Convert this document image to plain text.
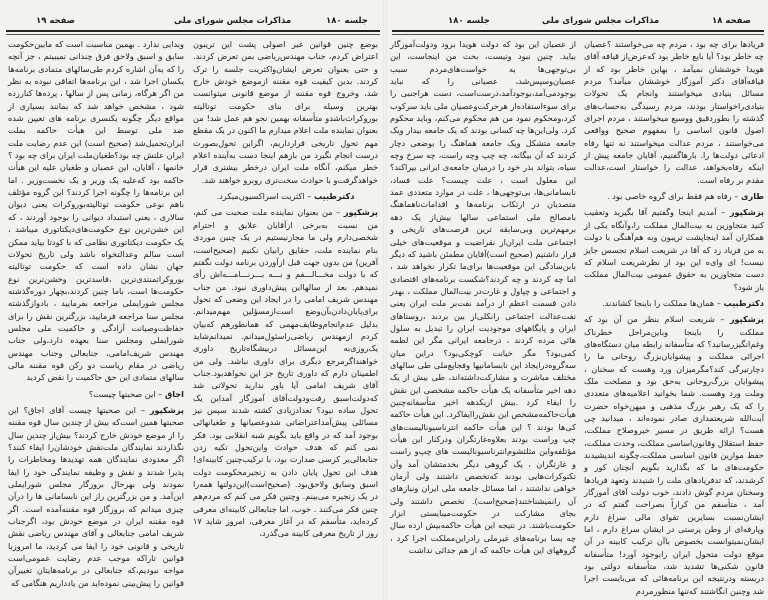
صفحه ۱۹	مذاکرات مجلس شورای ملی	جلسه ۱۸۰

وبدایی ندارد . بهمین مناسبت است که مابین‌حکومت سابق و اسبق ولاحق فرق چندانی نمیبینم ، جز آنچه را که به‌آن اشاره کردم طی‌سالهای متمادی برنامه‌ها یکسان اجرا شد ، این برنامه‌ها اتفاقی نبوده به نظر من اگر هرگاه، زمانی پس از سالها ، پرده‌ها کنارزده شود ، مشخص خواهد شد که بمانند بسیاری از مواقع دیگر چگونه یکنسری برنامه های تعیین شده ضد ملی توسط این هیأت حاکمه بملت ایران‌تحمیل‌شد (صحیح است) این عدم رضایت ملت ایران علتش چه بود؟طغیان‌ملت ایران برای چه بود ؟ خانمها ، آقایان، این عصیان و طغیان علیه این هیأت حاکمه بود که‌علیه یک وزیر و یک نخست‌وزیر . اما این برنامه‌ها را چگونه اجرا کردند؟ این گروه مؤتلف باهم نوعی حکومت توتالیته‌بوروکرات یعنی دیوان سالاری ، یعنی استبداد دیوانی را بوجود آوردند ، که این خشن‌ترین نوع حکومت‌های‌دیکتاتوری میباشد ، یک حکومت دیکتاتوری نظامی که با کودتا بیاید ممکن است سالم وعدالتخواه باشد ولی تاریخ تحولات جهان نشان داده است که حکومت توتالیته بوروکراتمنتدی‌ترین ،فاسدترین وخشن‌ترین نوع حکومت‌ها است، باما چنین کردند،بچهار دوره‌گذشته مجلس شورایملی مراجعه بفرمایید ، بادوازگذشته مجلس سنا مراجعه فرمایید، بزرگترین نقش را برای حفاظت‌وصیانت آزادگی و حاکمیت ملی مجلس شورایملی ومجلس سنا بعهده دارد،ولی جناب مهندس شریف‌امامی، جنابعالی وجناب مهندس ریاضی در مقام ریاست دو رکن قوه مقننه مالی سالهای متمادی این حق حاکمیت را نقض کردید

اجاق – این صحبتها چیست؟

پزشکپور – این صحبتها چیست آقای اجاق؟ این صحبتها همین است‌که بیش از چندین سال قوه مقننه را از موضع خودش خارج کردند؟ بیش‌از چندین سال نگذاردند نمایندگان ملت‌نقش خودشان‌را ایفاء کنند؟ اگر معدودی نمایندگان همه تهدیدها ومخاطرات را پذیرا شدند و نقش و وظیفه نمایندگی خود را ایفا نمودند ولی بهرحال بروزگار مجلس شورایملی این‌آمد. و من بزرگترین راز این نابسامانی ها را درآن چیزی میدانم که بروزگار قوه مقننه‌آمده است. اگر قوه مقننه ایران در موضع خودش بود، اگرجناب شریف امامی جنابعالی و آقای مهندس ریاضی نقش تاریخی و قانونی خود را ایفا می کردید، ما امروزبا قوانین تاراکه موجب عدم رضایت عمومی‌است مواجه نبودیم،که جنابعالی در برنامه‌هایتان تغییرآن قوانین را پیش‌بینی نموده‌اید من یادداریم هنگامی که

بوضع چنین قوانین غیر اصولی پشت این تریبون اعتراض کردم، جناب مهندس‌ریاضی بمن تعرض کردند. و حتی بعنوان تعرض ایشان‌واکثریت جلسه را ترک کردند. بدین کیفیت قوه مقننه ازموضع خودش خارج شد، وخروج قوه مقننه از موضع قانونی میتوانست بهترین وسیله برای بنای حکومت توتالیته بوروکرات‌باشدو متأسفانه بهمین نحو هم عمل شد! من بعنوان نماینده ملت اعلام میدارم ما اکنون در یک مقطع مهم تحول تاریخی قرارداریم، اگراین تحول‌بصورت درست انجام نگیرد من بازهم اینجا دست به‌آینده اعلام خطر میکنم، آنگاه ملت ایران درخطر بیشتری قرار خواهدگرفت‌و با حوادث سخت‌تری روبرو خواهند شد.

دکترطبیب – اکثریت اسراکسیون‌میکرد.

پزشکپور – من بعنوان نماینده ملت صحبت می کنم، من نسبت به‌برخی ازآقایان علایق و احترام شخصی‌دارم ولی ما مجازنیستیم در یک چنین موردی بنام نماینده ملت، حقایق رابیان نکنیم (صحیح‌است، آفرین) من بدون جهت قبل ازآوردن برنامه دولت نگفتم که با دولت مخـــالـــفم و بـــه بـــرنـــامـــه‌اش رأی نمیدهم. بعد از سالهااین پیش‌داوری نبود. من جناب مهندس شریف امامی را در ایجاد این وضعی که تحول برای‌پایان‌دادن‌بآن‌وضع است‌ازمسؤلین مهم‌میدانم. بدلیل عدم‌انجام‌وظایف‌مهمی که همانطورهم که‌بیان کردم ازمهندس ریاضی‌راسئول‌میدانم. نمیدانم‌شاید یک‌روزی‌به این‌مسائل دربیشگاه‌تاریخ داوری خواهند‌اگرمرجع دیگری برای داوری نباشد. ولی من اطمینان دارم که داوری تاریخ جز این نخواهدبود.جناب آقای شریف امامی آیا باور ندارید تحولاتی شد که‌دولت‌اسبق رفت‌ودولت‌آقای آموزگار آمد‌این یک تحول ساده نبود؟ تعدادزیادی کشته شدند سپس نیز مسائلی پیش‌آمداعتراضاتی شدوعصیانها و طغیانهائی بوجود آمد که در واقع باید بگویم شبه انقلابی بود. فکر نمی کنم که هدف حوادث واین‌تحول تکیه زدن جنابعالی‌بر کرسی صدارت بود، با ترکیب‌چنین کابینه‌ای! هدف این تحول پایان دادن به زنجیرمحکومت دولت اسبق وسابق ولاحق‌بود. (صحیح‌است)این‌دولتها همه‌را در یک زنجیره می‌بینم. وچنین فکر می کنم که مردم‌هم چنین فکر می‌کنند . خوب، اما جنابعالی کابینه‌ای معرفی کرده‌اید، متأسفم که در آغاز معرفی، امروز شاید ۱۷ روز از تاریخ معرفی کابینه می‌گذرد،

صفحه ۱۸
مذاکرات مجلس شورای ملی
جلسه ۱۸۰

از عصیان این بود که دولت هویدا برود ودولت‌آموزگار بیاید. چنین نبود ونیست، بحث من اینجاست، این بی‌توجهی‌ها به خواست‌های‌مردم سبب عصیان‌وسپس‌شد، عصیانی را که نباید بوجودمی‌آمد،بوجودآمد،درست‌است، دست هراجنبی را برای سوءاستفاده‌از هرحرکت‌وعصیان ملی باید سرکوب کرد،ومحکوم نمود من هم محکوم می‌کنم، وباید محکوم کرد. ولی‌این‌ها چه کسانی بودند که یک جامعه بیدار ویک جامعه متشکل ویک جامعه هماهنگ را بوضعی دچار کردند که آن بیگانه، چه چپ وچه راست، چه سرخ وچه سیاه، بتواند بذر خود را درمیان جامعه‌ی ایرانی بپراکند؟ این معلول است ، علت چیست؟ علت فساد، نابسامانی‌ها، بی‌توجهی‌ها ، علت در موارد متعددی عمد متصدیان در ارتکاب برنامه‌ها و اقدامات‌ناهماهنگ بامصالح ملی استماعی سالها بیش‌از یک دهه برمهم‌ترین وبی‌سابقه ترین فرصت‌های تاریخی و اجتماعی ملت ایران‌از نقراضیت و موقعیت‌های خیلی قرار داشتیم (صحیح است)آقایان مطمئن باشید که دیگر بابن‌سادگی این موقعیت‌ها برای‌ما تکرار نخواهد شد ، اما چه کردند و چه کردند؟شکست برنامه‌های اقتصادی و اجتماعی و چپاول و غارت‌در بیت‌المال مملکت ، بهدر دادن قسمت اعظم از درآمد نفت‌بر ملت ایران یعنی نفت‌عدالت اجتماعی رانکلی‌از بین بردند ،روستاهای ایران و پایگاههای موجودیت ایران را تبدیل به سلول هائی مرده کردند ، درجامعه ایرانی مگر این لطمه کمی‌بود؟ مگر خیانت کوچکی‌بود؟ دراین میان سه‌گروه‌درایجاد این نابسامانیها وفجایع‌ملی طی سالهای مختلف مباشرت و مشارکت‌داشته‌اند، طی بیش از یک دهه اخیر متأسفانه یک هیأت حاکمه مشخصی این نقش را ایفاء کرد .بیش ازیکدهه اخیر متأسفانه‌چنین هیأت‌حاکمه‌مشخص این نقش‌راایفاکرد. این هیأت حاکمه کی‌ها بودند ؟ این هیأت حاکمه انترناسیونالیست‌های چپ وراست بودند بعلاوه‌غارتگران ودرکنار این هیأت مؤتلفه‌واین مثلثشوم‌انترناسیونالیست های چپ‌و راست و غارتگران ، یک گروهی دیگر بخدمتشان آمد وآن تکنوکرات‌هایی بودند که‌تخصص داشتند ولی آرمان خواهی نداشتند ، اما مسائل جامعه ملی ایران ونیازهای آن رانمیشناختند(صحیح‌است). تخصص داشتند ولی بجای مشارکت در حکومت‌میبایستی ابزار حکومت‌باشند. در نتیجه این هیأت حاکمه‌بیش ازده سال چه بسا برنامه‌های غیرملی رادراین‌مملکت اجرا کرد ، گروههای این هیأت حاکمه که از هم جدائی نداشت

فریادها برای چه بود ، مردم چه می‌خواستند ؟عصیان چه خاطر بود؟ آیا بایع خاطر بود که‌عرض‌از قیافه آقای هویدا خوششان نمیآمد ، بهاین خاطر بود که از قیافه‌آقای دکتر آموزگار خوششان میآمد؟ مردم مسائل بنیادی میخواستند وانجام یک تحولات بنیادی‌راخواستار بودند، مردم رسیدگی به‌حساب‌های گذشته را بطوردقیق ووسیع میخواستند ، مردم اجرای اصول قانون اساسی را بمفهوم صحیح وواقعی می‌خواستند ، مردم عدالت میخواستند نه تنها رفاه ادعائی دولت‌ها را. بارهاگفتیم، آقایان جامعه پیش از اینکه رفاه‌بخواهد، عدالت را خواستار است،عدالت مقدم بر رفاه است.

طاری – رفاه هم فقط برای گروه خاصی بود .

پزشکپور – آمدیم اینجا وگفتیم آقا بگیرید وتعقیب کنید متجاوزین به بیت‌المال مملکت را،وآنگاه یکی از همکاران آمد اینجا‌پشت تریبون وبه هم‌آهنگی با دولت به من فریاد زد که آقا در شریعت اسلام تجسس جایز نیست! ای وای‌ه این بود از نظرشریعت اسلام که دست متجاوزین به حقوق عمومی بیت‌المال مملکت باز شود؟

دکترطبیب – همان‌ها مملکت را باینجا کشاندند.

پزشکپور – شریعت اسلام بنظر من آن بود که مملکت را باینجا وباین‌مراحل خطرناک وغم‌انگیز‌رسانید؟ که متأسفانه رابطه میان دستگاه‌های اجرائی مملکت و پیشوایان‌بزرگ روحانی ما را دچارتیرگی کند؟مگرمیزان ورد وهست که سخنان ، پیشوایان بزرگ‌روحانی به‌حق بود و مصلحت ملک وملت ورد وهست. شما بخوانید اعلامیه‌های متعددی را که یک رهبر بزرگ مذهبی و میهن‌خواه حضرت آیت‌الله شریعتمداری صادر نموده‌اند ، میدانید چی هست؟ ارائه طریق در مسیر خیروصلاح مملکت، حفظ استقلال وقانون‌اساسی مملکت، وحدت مملکت، حفظ موازین قانون اساسی مملکت،چگونه اندیشیدند حکومت‌های ما که بگذارید بگویم آنچنان کور و کرشدند، که تدفریادهای ملت را شنیدند وتعهد فریادها وسخنان مردم گوش دادند، خوب دولت آقای آموزگار آمد ، متأسفم من کراراً بصراحت گفتم که در ایشان‌نسبت بسایرین تقوای مالی سراغ دارم وپارفه‌ای از وطن پرستی در ایشان سراغ دارم ، اما ایشان‌نمیتوانست بخصوص باآن ترکیب کابینه در آن موقع دولت متحول ایران رابوجود آورد! متأسفانه قانون شکنی‌ها تشدید شد، متأسفانه دولتی بود دربسته ودرنتیجه این برنامه‌هائی که می‌بایست اجرا شد وچنین انگاشتند که‌تنها منظورمردم
